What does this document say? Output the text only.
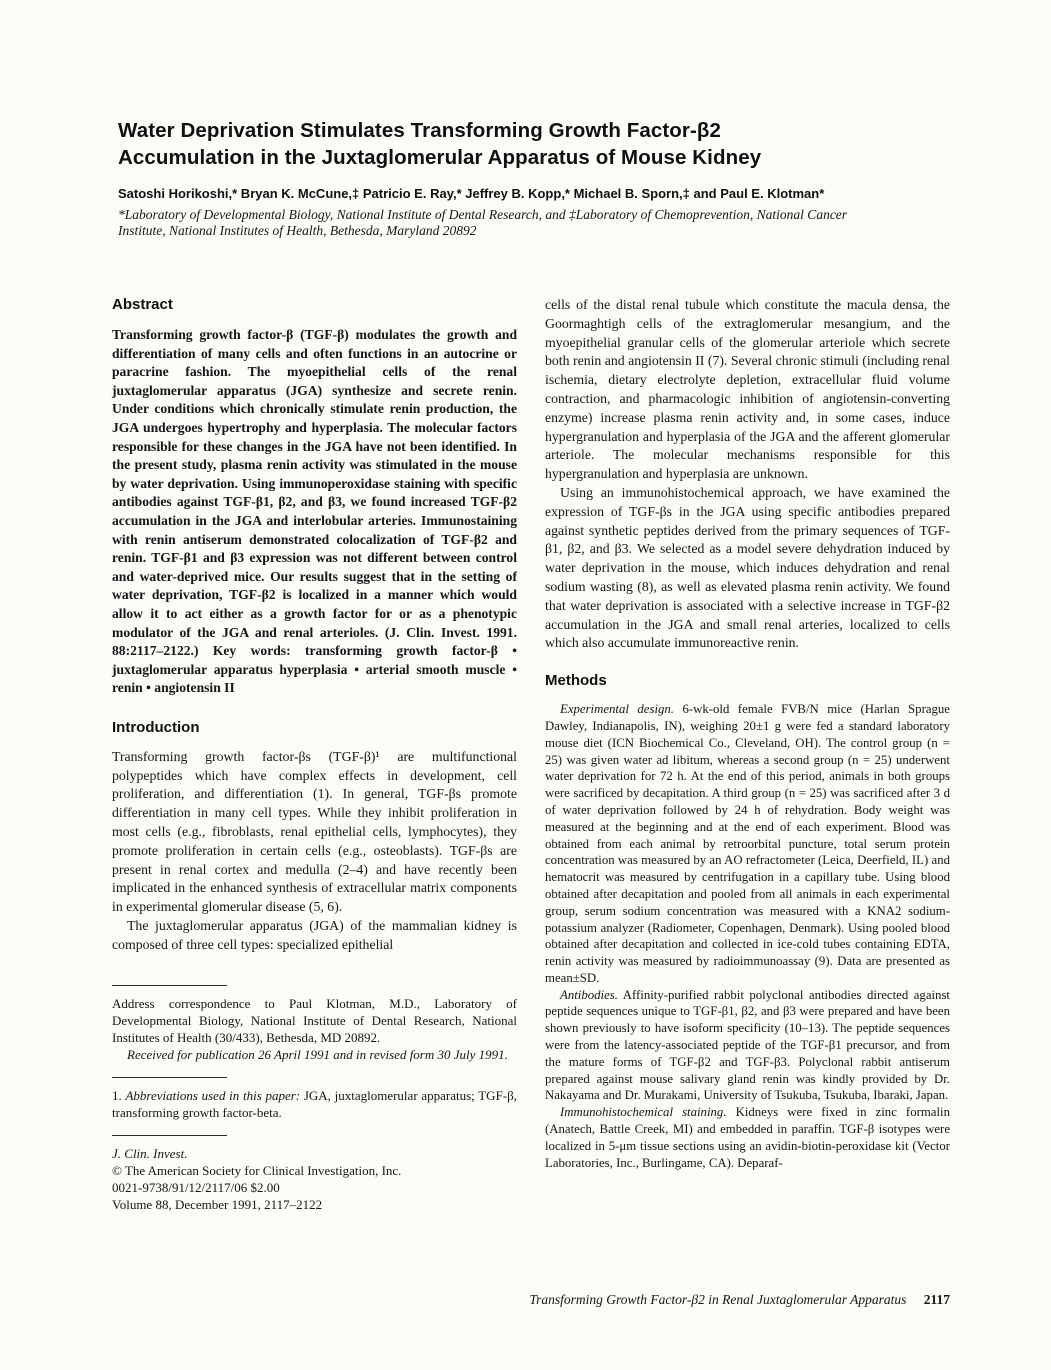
Water Deprivation Stimulates Transforming Growth Factor-β2
Accumulation in the Juxtaglomerular Apparatus of Mouse Kidney
Satoshi Horikoshi,* Bryan K. McCune,‡ Patricio E. Ray,* Jeffrey B. Kopp,* Michael B. Sporn,‡ and Paul E. Klotman*
*Laboratory of Developmental Biology, National Institute of Dental Research, and ‡Laboratory of Chemoprevention, National Cancer Institute, National Institutes of Health, Bethesda, Maryland 20892
Abstract

Transforming growth factor-β (TGF-β) modulates the growth and differentiation of many cells and often functions in an autocrine or paracrine fashion. The myoepithelial cells of the renal juxtaglomerular apparatus (JGA) synthesize and secrete renin. Under conditions which chronically stimulate renin production, the JGA undergoes hypertrophy and hyperplasia. The molecular factors responsible for these changes in the JGA have not been identified. In the present study, plasma renin activity was stimulated in the mouse by water deprivation. Using immunoperoxidase staining with specific antibodies against TGF-β1, β2, and β3, we found increased TGF-β2 accumulation in the JGA and interlobular arteries. Immunostaining with renin antiserum demonstrated colocalization of TGF-β2 and renin. TGF-β1 and β3 expression was not different between control and water-deprived mice. Our results suggest that in the setting of water deprivation, TGF-β2 is localized in a manner which would allow it to act either as a growth factor for or as a phenotypic modulator of the JGA and renal arterioles. (J. Clin. Invest. 1991. 88:2117–2122.) Key words: transforming growth factor-β • juxtaglomerular apparatus hyperplasia • arterial smooth muscle • renin • angiotensin II

Introduction

Transforming growth factor-βs (TGF-β)¹ are multifunctional polypeptides which have complex effects in development, cell proliferation, and differentiation (1). In general, TGF-βs promote differentiation in many cell types. While they inhibit proliferation in most cells (e.g., fibroblasts, renal epithelial cells, lymphocytes), they promote proliferation in certain cells (e.g., osteoblasts). TGF-βs are present in renal cortex and medulla (2–4) and have recently been implicated in the enhanced synthesis of extracellular matrix components in experimental glomerular disease (5, 6).

The juxtaglomerular apparatus (JGA) of the mammalian kidney is composed of three cell types: specialized epithelial

Address correspondence to Paul Klotman, M.D., Laboratory of Developmental Biology, National Institute of Dental Research, National Institutes of Health (30/433), Bethesda, MD 20892.

Received for publication 26 April 1991 and in revised form 30 July 1991.

1. Abbreviations used in this paper: JGA, juxtaglomerular apparatus; TGF-β, transforming growth factor-beta.

J. Clin. Invest.

© The American Society for Clinical Investigation, Inc.

0021-9738/91/12/2117/06 $2.00

Volume 88, December 1991, 2117–2122

cells of the distal renal tubule which constitute the macula densa, the Goormaghtigh cells of the extraglomerular mesangium, and the myoepithelial granular cells of the glomerular arteriole which secrete both renin and angiotensin II (7). Several chronic stimuli (including renal ischemia, dietary electrolyte depletion, extracellular fluid volume contraction, and pharmacologic inhibition of angiotensin-converting enzyme) increase plasma renin activity and, in some cases, induce hypergranulation and hyperplasia of the JGA and the afferent glomerular arteriole. The molecular mechanisms responsible for this hypergranulation and hyperplasia are unknown.

Using an immunohistochemical approach, we have examined the expression of TGF-βs in the JGA using specific antibodies prepared against synthetic peptides derived from the primary sequences of TGF-β1, β2, and β3. We selected as a model severe dehydration induced by water deprivation in the mouse, which induces dehydration and renal sodium wasting (8), as well as elevated plasma renin activity. We found that water deprivation is associated with a selective increase in TGF-β2 accumulation in the JGA and small renal arteries, localized to cells which also accumulate immunoreactive renin.

Methods

Experimental design. 6-wk-old female FVB/N mice (Harlan Sprague Dawley, Indianapolis, IN), weighing 20±1 g were fed a standard laboratory mouse diet (ICN Biochemical Co., Cleveland, OH). The control group (n = 25) was given water ad libitum, whereas a second group (n = 25) underwent water deprivation for 72 h. At the end of this period, animals in both groups were sacrificed by decapitation. A third group (n = 25) was sacrificed after 3 d of water deprivation followed by 24 h of rehydration. Body weight was measured at the beginning and at the end of each experiment. Blood was obtained from each animal by retroorbital puncture, total serum protein concentration was measured by an AO refractometer (Leica, Deerfield, IL) and hematocrit was measured by centrifugation in a capillary tube. Using blood obtained after decapitation and pooled from all animals in each experimental group, serum sodium concentration was measured with a KNA2 sodium-potassium analyzer (Radiometer, Copenhagen, Denmark). Using pooled blood obtained after decapitation and collected in ice-cold tubes containing EDTA, renin activity was measured by radioimmunoassay (9). Data are presented as mean±SD.

Antibodies. Affinity-purified rabbit polyclonal antibodies directed against peptide sequences unique to TGF-β1, β2, and β3 were prepared and have been shown previously to have isoform specificity (10–13). The peptide sequences were from the latency-associated peptide of the TGF-β1 precursor, and from the mature forms of TGF-β2 and TGF-β3. Polyclonal rabbit antiserum prepared against mouse salivary gland renin was kindly provided by Dr. Nakayama and Dr. Murakami, University of Tsukuba, Tsukuba, Ibaraki, Japan.

Immunohistochemical staining. Kidneys were fixed in zinc formalin (Anatech, Battle Creek, MI) and embedded in paraffin. TGF-β isotypes were localized in 5-μm tissue sections using an avidin-biotin-peroxidase kit (Vector Laboratories, Inc., Burlingame, CA). Deparaf-

Transforming Growth Factor-β2 in Renal Juxtaglomerular Apparatus 2117
